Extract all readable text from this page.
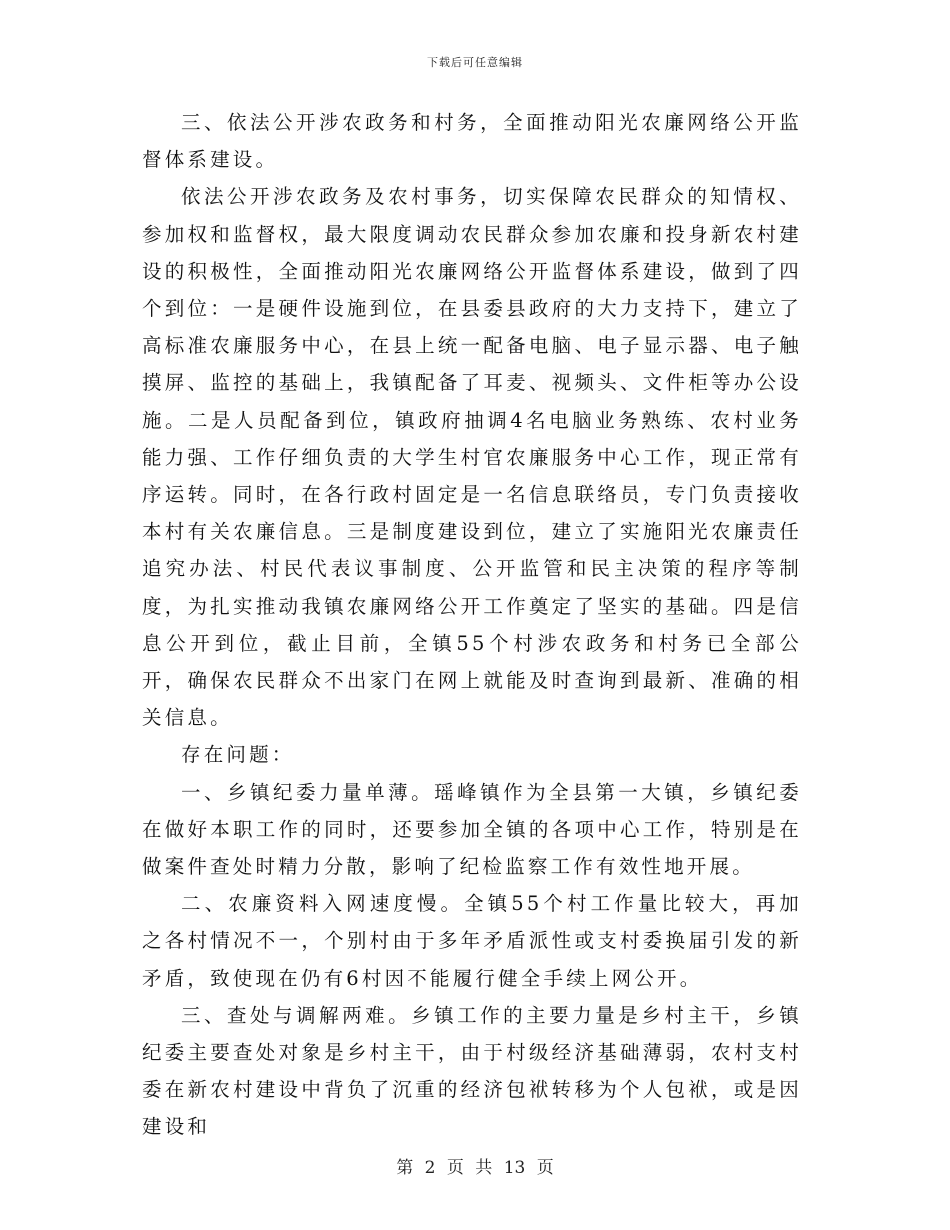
下载后可任意编辑

三、依法公开涉农政务和村务，全面推动阳光农廉网络公开监督体系建设。

依法公开涉农政务及农村事务，切实保障农民群众的知情权、参加权和监督权，最大限度调动农民群众参加农廉和投身新农村建设的积极性，全面推动阳光农廉网络公开监督体系建设，做到了四个到位：一是硬件设施到位，在县委县政府的大力支持下，建立了高标准农廉服务中心，在县上统一配备电脑、电子显示器、电子触摸屏、监控的基础上，我镇配备了耳麦、视频头、文件柜等办公设施。二是人员配备到位，镇政府抽调4名电脑业务熟练、农村业务能力强、工作仔细负责的大学生村官农廉服务中心工作，现正常有序运转。同时，在各行政村固定是一名信息联络员，专门负责接收本村有关农廉信息。三是制度建设到位，建立了实施阳光农廉责任追究办法、村民代表议事制度、公开监管和民主决策的程序等制度，为扎实推动我镇农廉网络公开工作奠定了坚实的基础。四是信息公开到位，截止目前，全镇55个村涉农政务和村务已全部公开，确保农民群众不出家门在网上就能及时查询到最新、准确的相关信息。

存在问题：

一、乡镇纪委力量单薄。瑶峰镇作为全县第一大镇，乡镇纪委在做好本职工作的同时，还要参加全镇的各项中心工作，特别是在做案件查处时精力分散，影响了纪检监察工作有效性地开展。

二、农廉资料入网速度慢。全镇55个村工作量比较大，再加之各村情况不一，个别村由于多年矛盾派性或支村委换届引发的新矛盾，致使现在仍有6村因不能履行健全手续上网公开。

三、查处与调解两难。乡镇工作的主要力量是乡村主干，乡镇纪委主要查处对象是乡村主干，由于村级经济基础薄弱，农村支村委在新农村建设中背负了沉重的经济包袱转移为个人包袱，或是因建设和

第 2 页 共 13 页
